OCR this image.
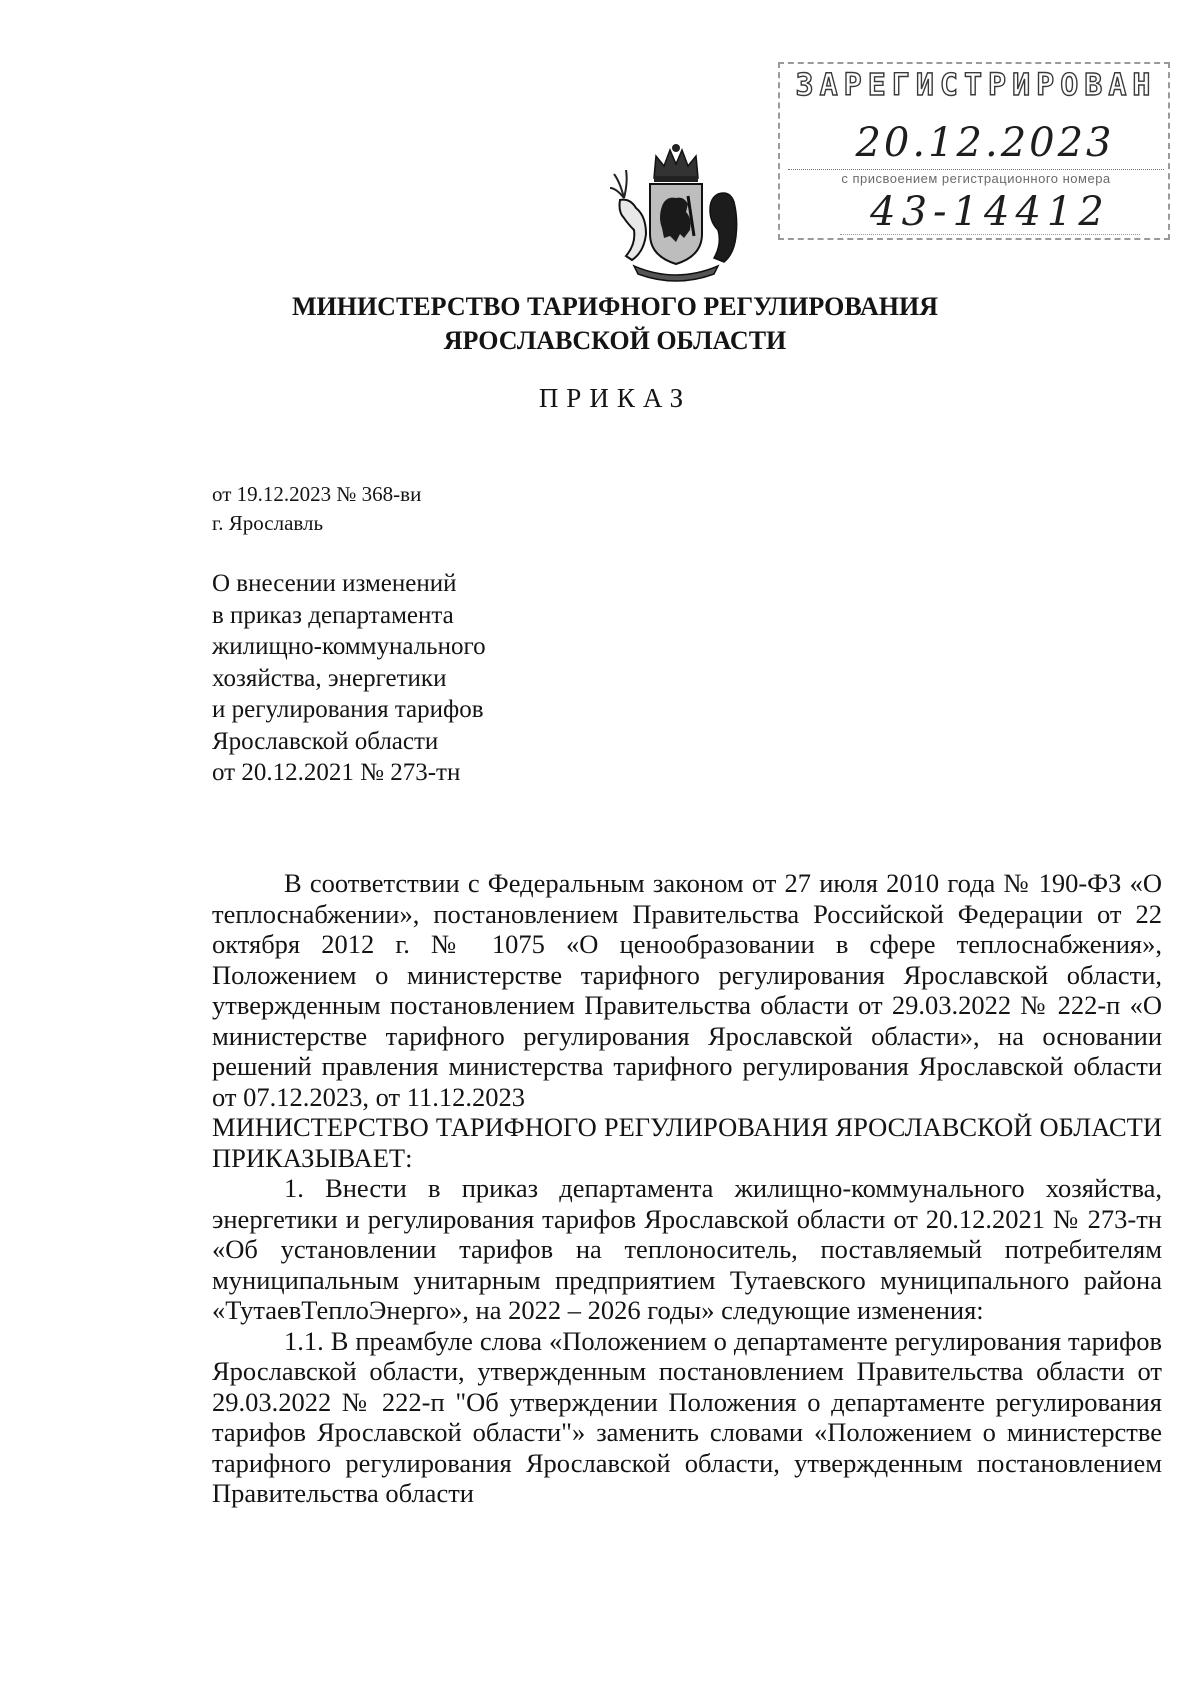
ЗАРЕГИСТРИРОВАН
20.12.2023
с присвоением регистрационного номера
43-14412
МИНИСТЕРСТВО ТАРИФНОГО РЕГУЛИРОВАНИЯ
ЯРОСЛАВСКОЙ ОБЛАСТИ
ПРИКАЗ
от 19.12.2023 № 368-ви
г. Ярославль
О внесении изменений
в приказ департамента
жилищно-коммунального
хозяйства, энергетики
и регулирования тарифов
Ярославской области
от 20.12.2021 № 273-тн

В соответствии с Федеральным законом от 27 июля 2010 года № 190-ФЗ «О теплоснабжении», постановлением Правительства Российской Федерации от 22 октября 2012 г. № 1075 «О ценообразовании в сфере теплоснабжения», Положением о министерстве тарифного регулирования Ярославской области, утвержденным постановлением Правительства области от 29.03.2022 № 222-п «О министерстве тарифного регулирования Ярославской области», на основании решений правления министерства тарифного регулирования Ярославской области от 07.12.2023, от 11.12.2023

МИНИСТЕРСТВО ТАРИФНОГО РЕГУЛИРОВАНИЯ ЯРОСЛАВСКОЙ ОБЛАСТИ ПРИКАЗЫВАЕТ:

1. Внести в приказ департамента жилищно-коммунального хозяйства, энергетики и регулирования тарифов Ярославской области от 20.12.2021 № 273-тн «Об установлении тарифов на теплоноситель, поставляемый потребителям муниципальным унитарным предприятием Тутаевского муниципального района «ТутаевТеплоЭнерго», на 2022 – 2026 годы» следующие изменения:

1.1. В преамбуле слова «Положением о департаменте регулирования тарифов Ярославской области, утвержденным постановлением Правительства области от 29.03.2022 № 222-п "Об утверждении Положения о департаменте регулирования тарифов Ярославской области"» заменить словами «Положением о министерстве тарифного регулирования Ярославской области, утвержденным постановлением Правительства области
